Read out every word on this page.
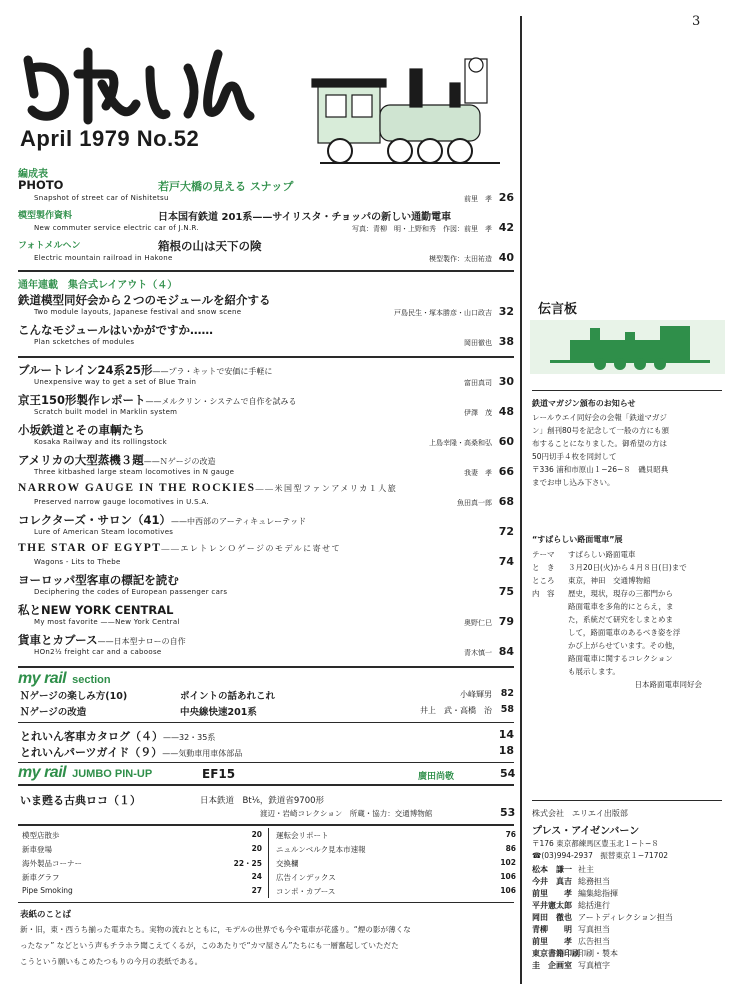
3
April 1979 No.52
編成表
PHOTO	若戸大橋の見える スナップ
Snapshot of street car of Nishitetsu	前里　孝 26
模型製作資料	日本国有鉄道 201系——サイリスタ・チョッパの新しい通勤電車
New commuter service electric car of J.N.R.	写真：青柳　明・上野和秀　作図：前里　孝 42
フォトメルヘン	箱根の山は天下の険
Electric mountain railroad in Hakone	模型製作：太田祐造 40
通年連載　集合式レイアウト（４）
鉄道模型同好会から２つのモジュールを紹介する
Two module layouts, Japanese festival and snow scene	戸島民生・塚本勝彦・山口政吉 32
こんなモジュールはいかがですか……
Plan scketches of modules	岡田徹也 38
ブルートレイン24系25形——プラ・キットで安価に手軽に
Unexpensive way to get a set of Blue Train	富田真司 30
京王150形製作レポート——メルクリン・システムで自作を試みる
Scratch built model in Marklin system	伊澤　茂 48
小坂鉄道とその車輌たち
Kosaka Railway and its rollingstock	上島幸隆・高桑和弘 60
アメリカの大型蒸機３題——Ｎゲージの改造
Three kitbashed large steam locomotives in N gauge	我妻　孝 66
NARROW GAUGE IN THE ROCKIES——米国型ファンアメリカ１人旅
Preserved narrow gauge locomotives in U.S.A.	魚田真一郎 68
コレクターズ・サロン（41）——中西部のアーティキュレーテッド
Lure of American Steam locomotives	72
THE STAR OF EGYPT——エレトレンＯゲージのモデルに寄せて
Wagons - Lits to Thebe	74
ヨーロッパ型客車の標記を読む
Deciphering the codes of European passenger cars	75
私とNEW YORK CENTRAL
My most favorite ——New York Central	奥野仁巳 79
貨車とカブース——日本型ナローの自作
HOn2½ freight car and a caboose	青木慎一 84
my rail section
Ｎゲージの楽しみ方(10)	ポイントの話あれこれ	小峰輝男 82
Ｎゲージの改造	中央線快速201系	井上　武・高橋　治 58
とれいん客車カタログ（４）——32・35系	14
とれいんパーツガイド（９）——気動車用車体部品	18
my rail JUMBO PIN-UP	EF15	廣田尚敬	54
いま甦る古典ロコ（１）	日本鉄道　Bt⅙，鉄道省9700形
渡辺・岩崎コレクション　所蔵・協力：交通博物館	53
模型店散歩	20
新車登場	20
海外製品コーナー	22・25
新車グラフ	24
Pipe Smoking	27
運転会リポート	76
ニュルンベルク見本市速報	86
交換欄	102
広告インデックス	106
コンポ・カブース	106
表紙のことば
新・旧，東・西うち揃った電車たち。実物の流れとともに，モデルの世界でも今や電車が花盛り。“煙の影が薄くな
ったなァ” などという声もチラホラ聞こえてくるが，このあたりで“カマ屋さん”たちにも一層奮起していただた
こうという願いもこめたつもりの今月の表紙である。
伝言板
鉄道マガジン頒布のお知らせ
レールウエイ同好会の会報「鉄道マガジ
ン」創刊80号を記念して一般の方にも頒
布することになりました。御希望の方は
50円切手４枚を同封して
〒336 浦和市原山１−26−８　磯貝昭典
までお申し込み下さい。
“すばらしい路面電車”展
テーマ すばらしい路面電車
と　き ３月20日(火)から４月８日(日)まで
ところ 東京，神田　交通博物館
内　容 歴史，現状，現存の三都門から
路面電車を多角的にとらえ，ま
た，系統だて研究をしまとめま
して，路面電車のあるべき姿を浮
かび上がらせています。その他，
路面電車に関するコレクション
も展示します。
日本路面電車同好会
株式会社　エリエイ出版部
プレス・アイゼンバーン
〒176 東京都練馬区豊玉北１−ト−８
☎(03)994-2937　振替東京１−71702
松本　謙一 社主
今井　真吉 総務担当
前里　　孝 編集総指揮
平井憲太郎 総括進行
岡田　徹也 アートディレクション担当
青柳　　明 写真担当
前里　　孝 広告担当
東京書籍印刷印刷・製本
圭　企画室 写真植字
